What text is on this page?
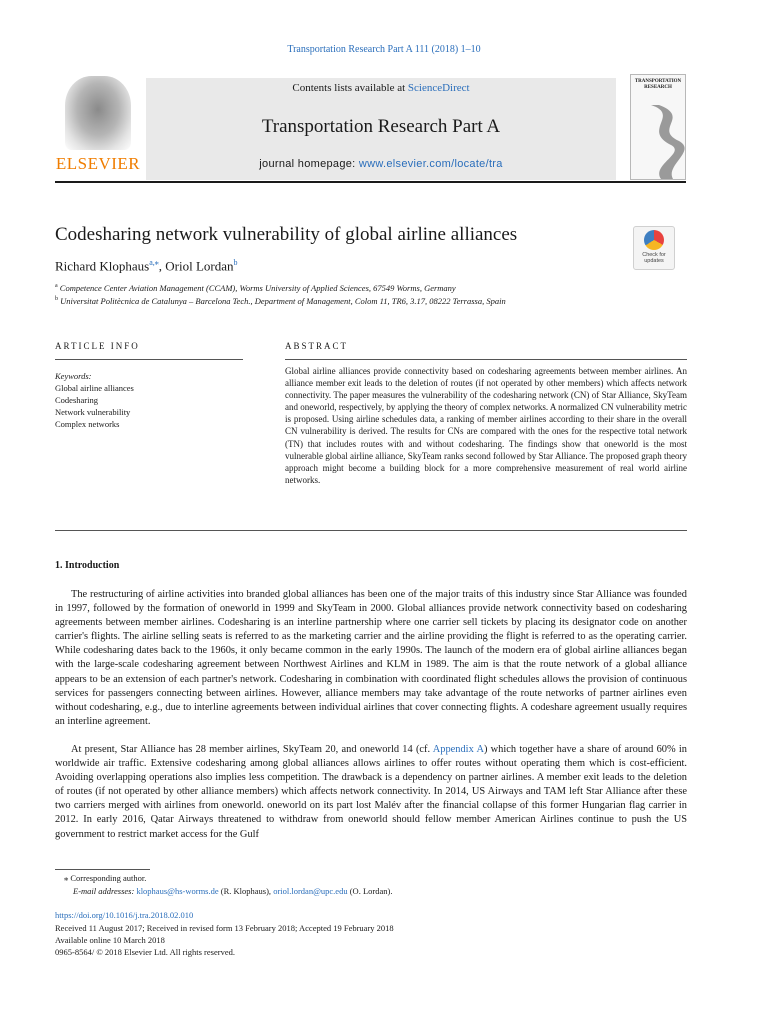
Transportation Research Part A 111 (2018) 1–10
ELSEVIER
Contents lists available at ScienceDirect
Transportation Research Part A
journal homepage: www.elsevier.com/locate/tra
TRANSPORTATION RESEARCH
Codesharing network vulnerability of global airline alliances
Check for updates
Richard Klophaus$^{a,⁎}$, Oriol Lordan$^b$
$^a$ Competence Center Aviation Management (CCAM), Worms University of Applied Sciences, 67549 Worms, Germany
$^b$ Universitat Politècnica de Catalunya – Barcelona Tech., Department of Management, Colom 11, TR6, 3.17, 08222 Terrassa, Spain
ARTICLE INFO	ABSTRACT
Keywords:
Global airline alliances
Codesharing
Network vulnerability
Complex networks
Global airline alliances provide connectivity based on codesharing agreements between member airlines. An alliance member exit leads to the deletion of routes (if not operated by other members) which affects network connectivity. The paper measures the vulnerability of the codesharing network (CN) of Star Alliance, SkyTeam and oneworld, respectively, by applying the theory of complex networks. A normalized CN vulnerability metric is proposed. Using airline schedules data, a ranking of member airlines according to their share in the overall CN vulnerability is derived. The results for CNs are compared with the ones for the respective total network (TN) that includes routes with and without codesharing. The findings show that oneworld is the most vulnerable global airline alliance, SkyTeam ranks second followed by Star Alliance. The proposed graph theory approach might become a building block for a more comprehensive measurement of real world airline networks.
1. Introduction

The restructuring of airline activities into branded global alliances has been one of the major traits of this industry since Star Alliance was founded in 1997, followed by the formation of oneworld in 1999 and SkyTeam in 2000. Global alliances provide network connectivity based on codesharing agreements between member airlines. Codesharing is an interline partnership where one carrier sell tickets by placing its designator code on another carrier's flights. The airline selling seats is referred to as the marketing carrier and the airline providing the flight is referred to as the operating carrier. While codesharing dates back to the 1960s, it only became common in the early 1990s. The launch of the modern era of global airline alliances began with the large-scale codesharing agreement between Northwest Airlines and KLM in 1989. The aim is that the route network of a global alliance appears to be an extension of each partner's network. Codesharing in combination with coordinated flight schedules allows the provision of continuous services for passengers connecting between airlines. However, alliance members may take advantage of the route networks of partner airlines even without codesharing, e.g., due to interline agreements between individual airlines that cover connecting flights. A codeshare agreement usually requires an interline agreement.

At present, Star Alliance has 28 member airlines, SkyTeam 20, and oneworld 14 (cf. Appendix A) which together have a share of around 60% in worldwide air traffic. Extensive codesharing among global alliances allows airlines to offer routes without operating them which is cost-efficient. Avoiding overlapping operations also implies less competition. The drawback is a dependency on partner airlines. A member exit leads to the deletion of routes (if not operated by other alliance members) which affects network connectivity. In 2014, US Airways and TAM left Star Alliance after these two carriers merged with airlines from oneworld. oneworld on its part lost Malév after the financial collapse of this former Hungarian flag carrier in 2012. In early 2016, Qatar Airways threatened to withdraw from oneworld should fellow member American Airlines continue to push the US government to restrict market access for the Gulf

⁎ Corresponding author.
E-mail addresses: klophaus@hs-worms.de (R. Klophaus), oriol.lordan@upc.edu (O. Lordan).
https://doi.org/10.1016/j.tra.2018.02.010
Received 11 August 2017; Received in revised form 13 February 2018; Accepted 19 February 2018
Available online 10 March 2018
0965-8564/ © 2018 Elsevier Ltd. All rights reserved.
